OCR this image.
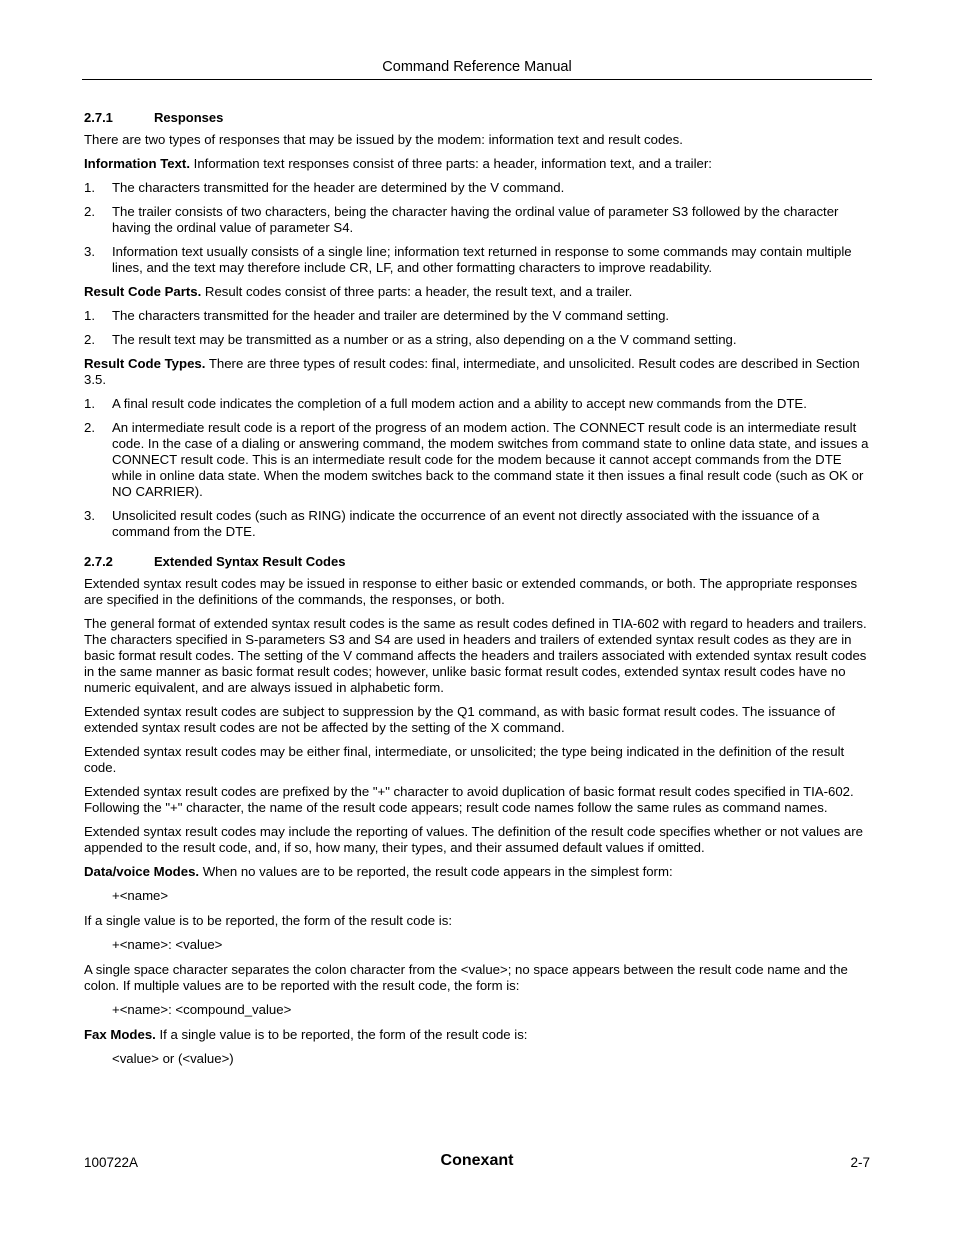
Command Reference Manual
2.7.1	Responses

There are two types of responses that may be issued by the modem: information text and result codes.

Information Text. Information text responses consist of three parts: a header, information text, and a trailer:

1.	The characters transmitted for the header are determined by the V command.
2.	The trailer consists of two characters, being the character having the ordinal value of parameter S3 followed by the character having the ordinal value of parameter S4.
3.	Information text usually consists of a single line; information text returned in response to some commands may contain multiple lines, and the text may therefore include CR, LF, and other formatting characters to improve readability.

Result Code Parts. Result codes consist of three parts: a header, the result text, and a trailer.

1.	The characters transmitted for the header and trailer are determined by the V command setting.
2.	The result text may be transmitted as a number or as a string, also depending on a the V command setting.

Result Code Types. There are three types of result codes: final, intermediate, and unsolicited. Result codes are described in Section 3.5.

1.	A final result code indicates the completion of a full modem action and a ability to accept new commands from the DTE.
2.	An intermediate result code is a report of the progress of an modem action. The CONNECT result code is an intermediate result code. In the case of a dialing or answering command, the modem switches from command state to online data state, and issues a CONNECT result code. This is an intermediate result code for the modem because it cannot accept commands from the DTE while in online data state. When the modem switches back to the command state it then issues a final result code (such as OK or NO CARRIER).
3.	Unsolicited result codes (such as RING) indicate the occurrence of an event not directly associated with the issuance of a command from the DTE.
2.7.2	Extended Syntax Result Codes

Extended syntax result codes may be issued in response to either basic or extended commands, or both. The appropriate responses are specified in the definitions of the commands, the responses, or both.

The general format of extended syntax result codes is the same as result codes defined in TIA-602 with regard to headers and trailers. The characters specified in S-parameters S3 and S4 are used in headers and trailers of extended syntax result codes as they are in basic format result codes. The setting of the V command affects the headers and trailers associated with extended syntax result codes in the same manner as basic format result codes; however, unlike basic format result codes, extended syntax result codes have no numeric equivalent, and are always issued in alphabetic form.

Extended syntax result codes are subject to suppression by the Q1 command, as with basic format result codes. The issuance of extended syntax result codes are not be affected by the setting of the X command.

Extended syntax result codes may be either final, intermediate, or unsolicited; the type being indicated in the definition of the result code.

Extended syntax result codes are prefixed by the "+" character to avoid duplication of basic format result codes specified in TIA-602. Following the "+" character, the name of the result code appears; result code names follow the same rules as command names.

Extended syntax result codes may include the reporting of values. The definition of the result code specifies whether or not values are appended to the result code, and, if so, how many, their types, and their assumed default values if omitted.

Data/voice Modes. When no values are to be reported, the result code appears in the simplest form:

+<name>

If a single value is to be reported, the form of the result code is:

+<name>: <value>

A single space character separates the colon character from the <value>; no space appears between the result code name and the colon. If multiple values are to be reported with the result code, the form is:

+<name>: <compound_value>

Fax Modes. If a single value is to be reported, the form of the result code is:

<value> or (<value>)
100722A	Conexant	2-7
